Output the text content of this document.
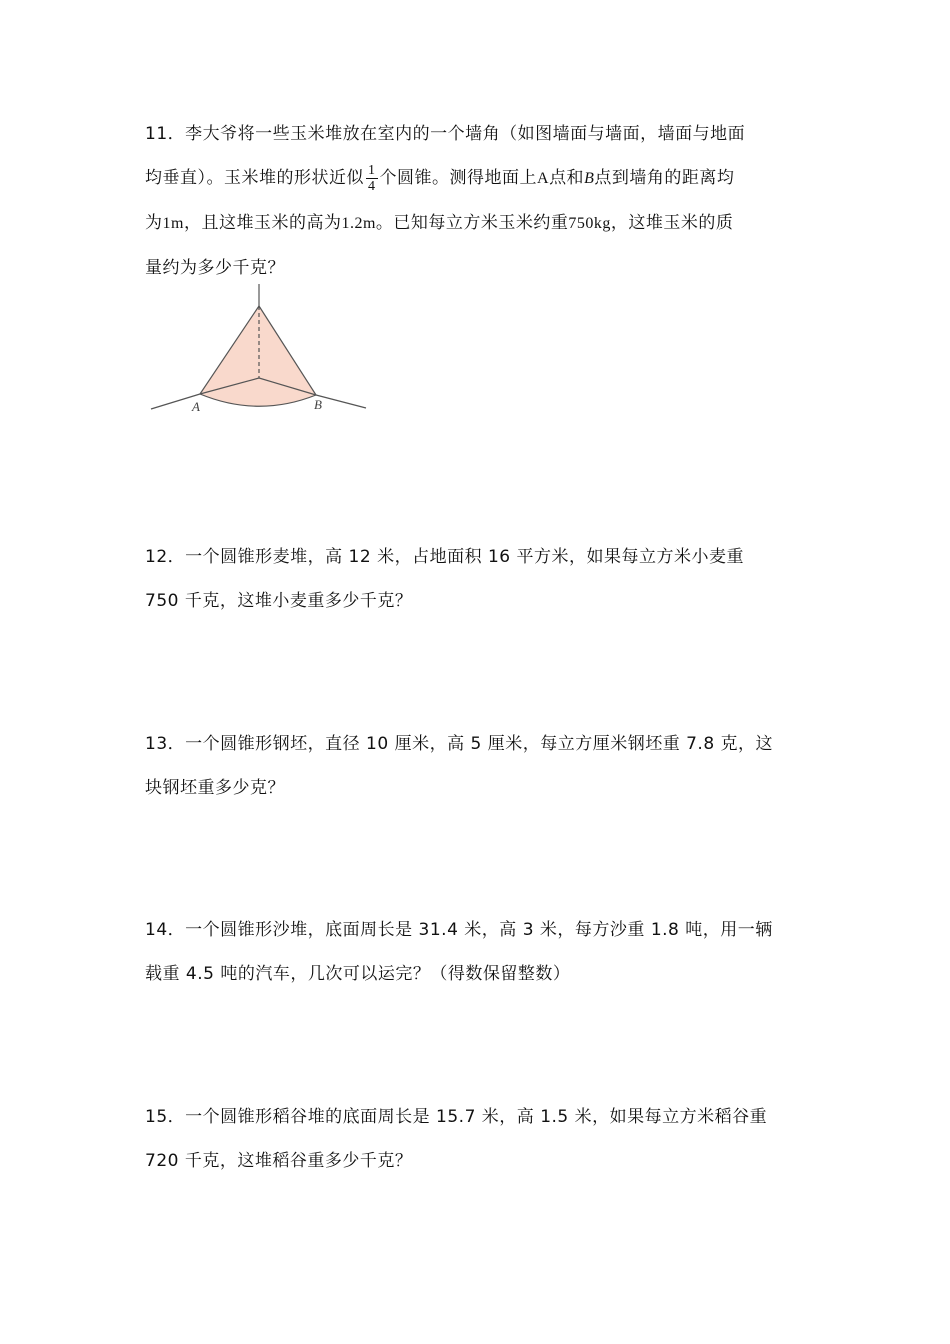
11．李大爷将一些玉米堆放在室内的一个墙角（如图墙面与墙面，墙面与地面
均垂直）。玉米堆的形状近似 $\frac{1}{4}$ 个圆锥。测得地面上A点和B点到墙角的距离均
为1m，且这堆玉米的高为1.2m。已知每立方米玉米约重750kg，这堆玉米的质
量约为多少千克？
A	B
12．一个圆锥形麦堆，高 12 米，占地面积 16 平方米，如果每立方米小麦重
750 千克，这堆小麦重多少千克？
13．一个圆锥形钢坯，直径 10 厘米，高 5 厘米，每立方厘米钢坯重 7.8 克，这
块钢坯重多少克？
14．一个圆锥形沙堆，底面周长是 31.4 米，高 3 米，每方沙重 1.8 吨，用一辆
载重 4.5 吨的汽车，几次可以运完？（得数保留整数）
15．一个圆锥形稻谷堆的底面周长是 15.7 米，高 1.5 米，如果每立方米稻谷重
720 千克，这堆稻谷重多少千克？
